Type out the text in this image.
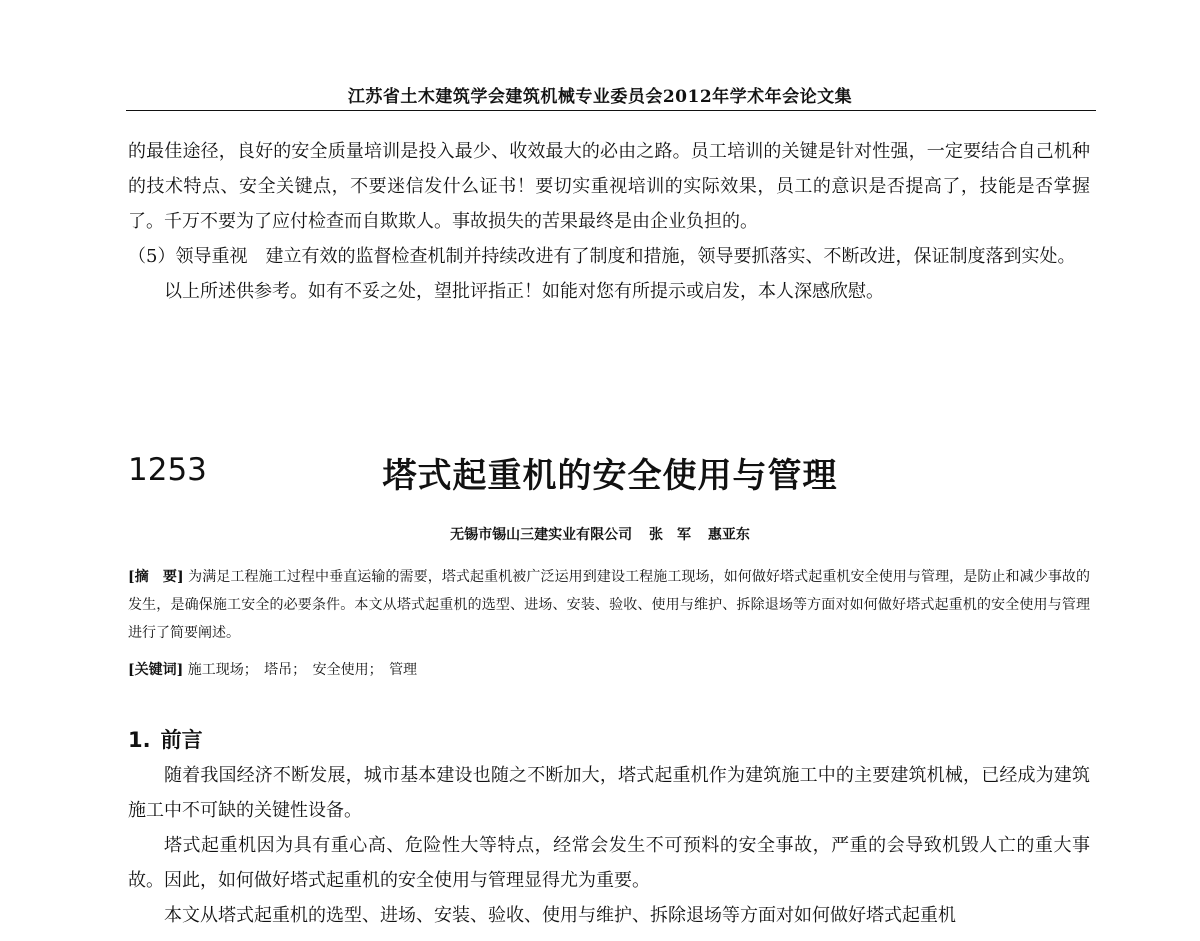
江苏省土木建筑学会建筑机械专业委员会2012年学术年会论文集

的最佳途径，良好的安全质量培训是投入最少、收效最大的必由之路。员工培训的关键是针对性强，一定要结合自己机种的技术特点、安全关键点，不要迷信发什么证书！要切实重视培训的实际效果，员工的意识是否提高了，技能是否掌握了。千万不要为了应付检查而自欺欺人。事故损失的苦果最终是由企业负担的。

（5）领导重视　建立有效的监督检查机制并持续改进有了制度和措施，领导要抓落实、不断改进，保证制度落到实处。

以上所述供参考。如有不妥之处，望批评指正！如能对您有所提示或启发，本人深感欣慰。

1253	塔式起重机的安全使用与管理
无锡市锡山三建实业有限公司 张　军 惠亚东
[摘　要] 为满足工程施工过程中垂直运输的需要，塔式起重机被广泛运用到建设工程施工现场，如何做好塔式起重机安全使用与管理，是防止和减少事故的发生，是确保施工安全的必要条件。本文从塔式起重机的选型、进场、安装、验收、使用与维护、拆除退场等方面对如何做好塔式起重机的安全使用与管理进行了简要阐述。
[关键词] 施工现场 ； 塔吊 ； 安全使用 ； 管理
1. 前言

随着我国经济不断发展，城市基本建设也随之不断加大，塔式起重机作为建筑施工中的主要建筑机械，已经成为建筑施工中不可缺的关键性设备。

塔式起重机因为具有重心高、危险性大等特点，经常会发生不可预料的安全事故，严重的会导致机毁人亡的重大事故。因此，如何做好塔式起重机的安全使用与管理显得尤为重要。

本文从塔式起重机的选型、进场、安装、验收、使用与维护、拆除退场等方面对如何做好塔式起重机
